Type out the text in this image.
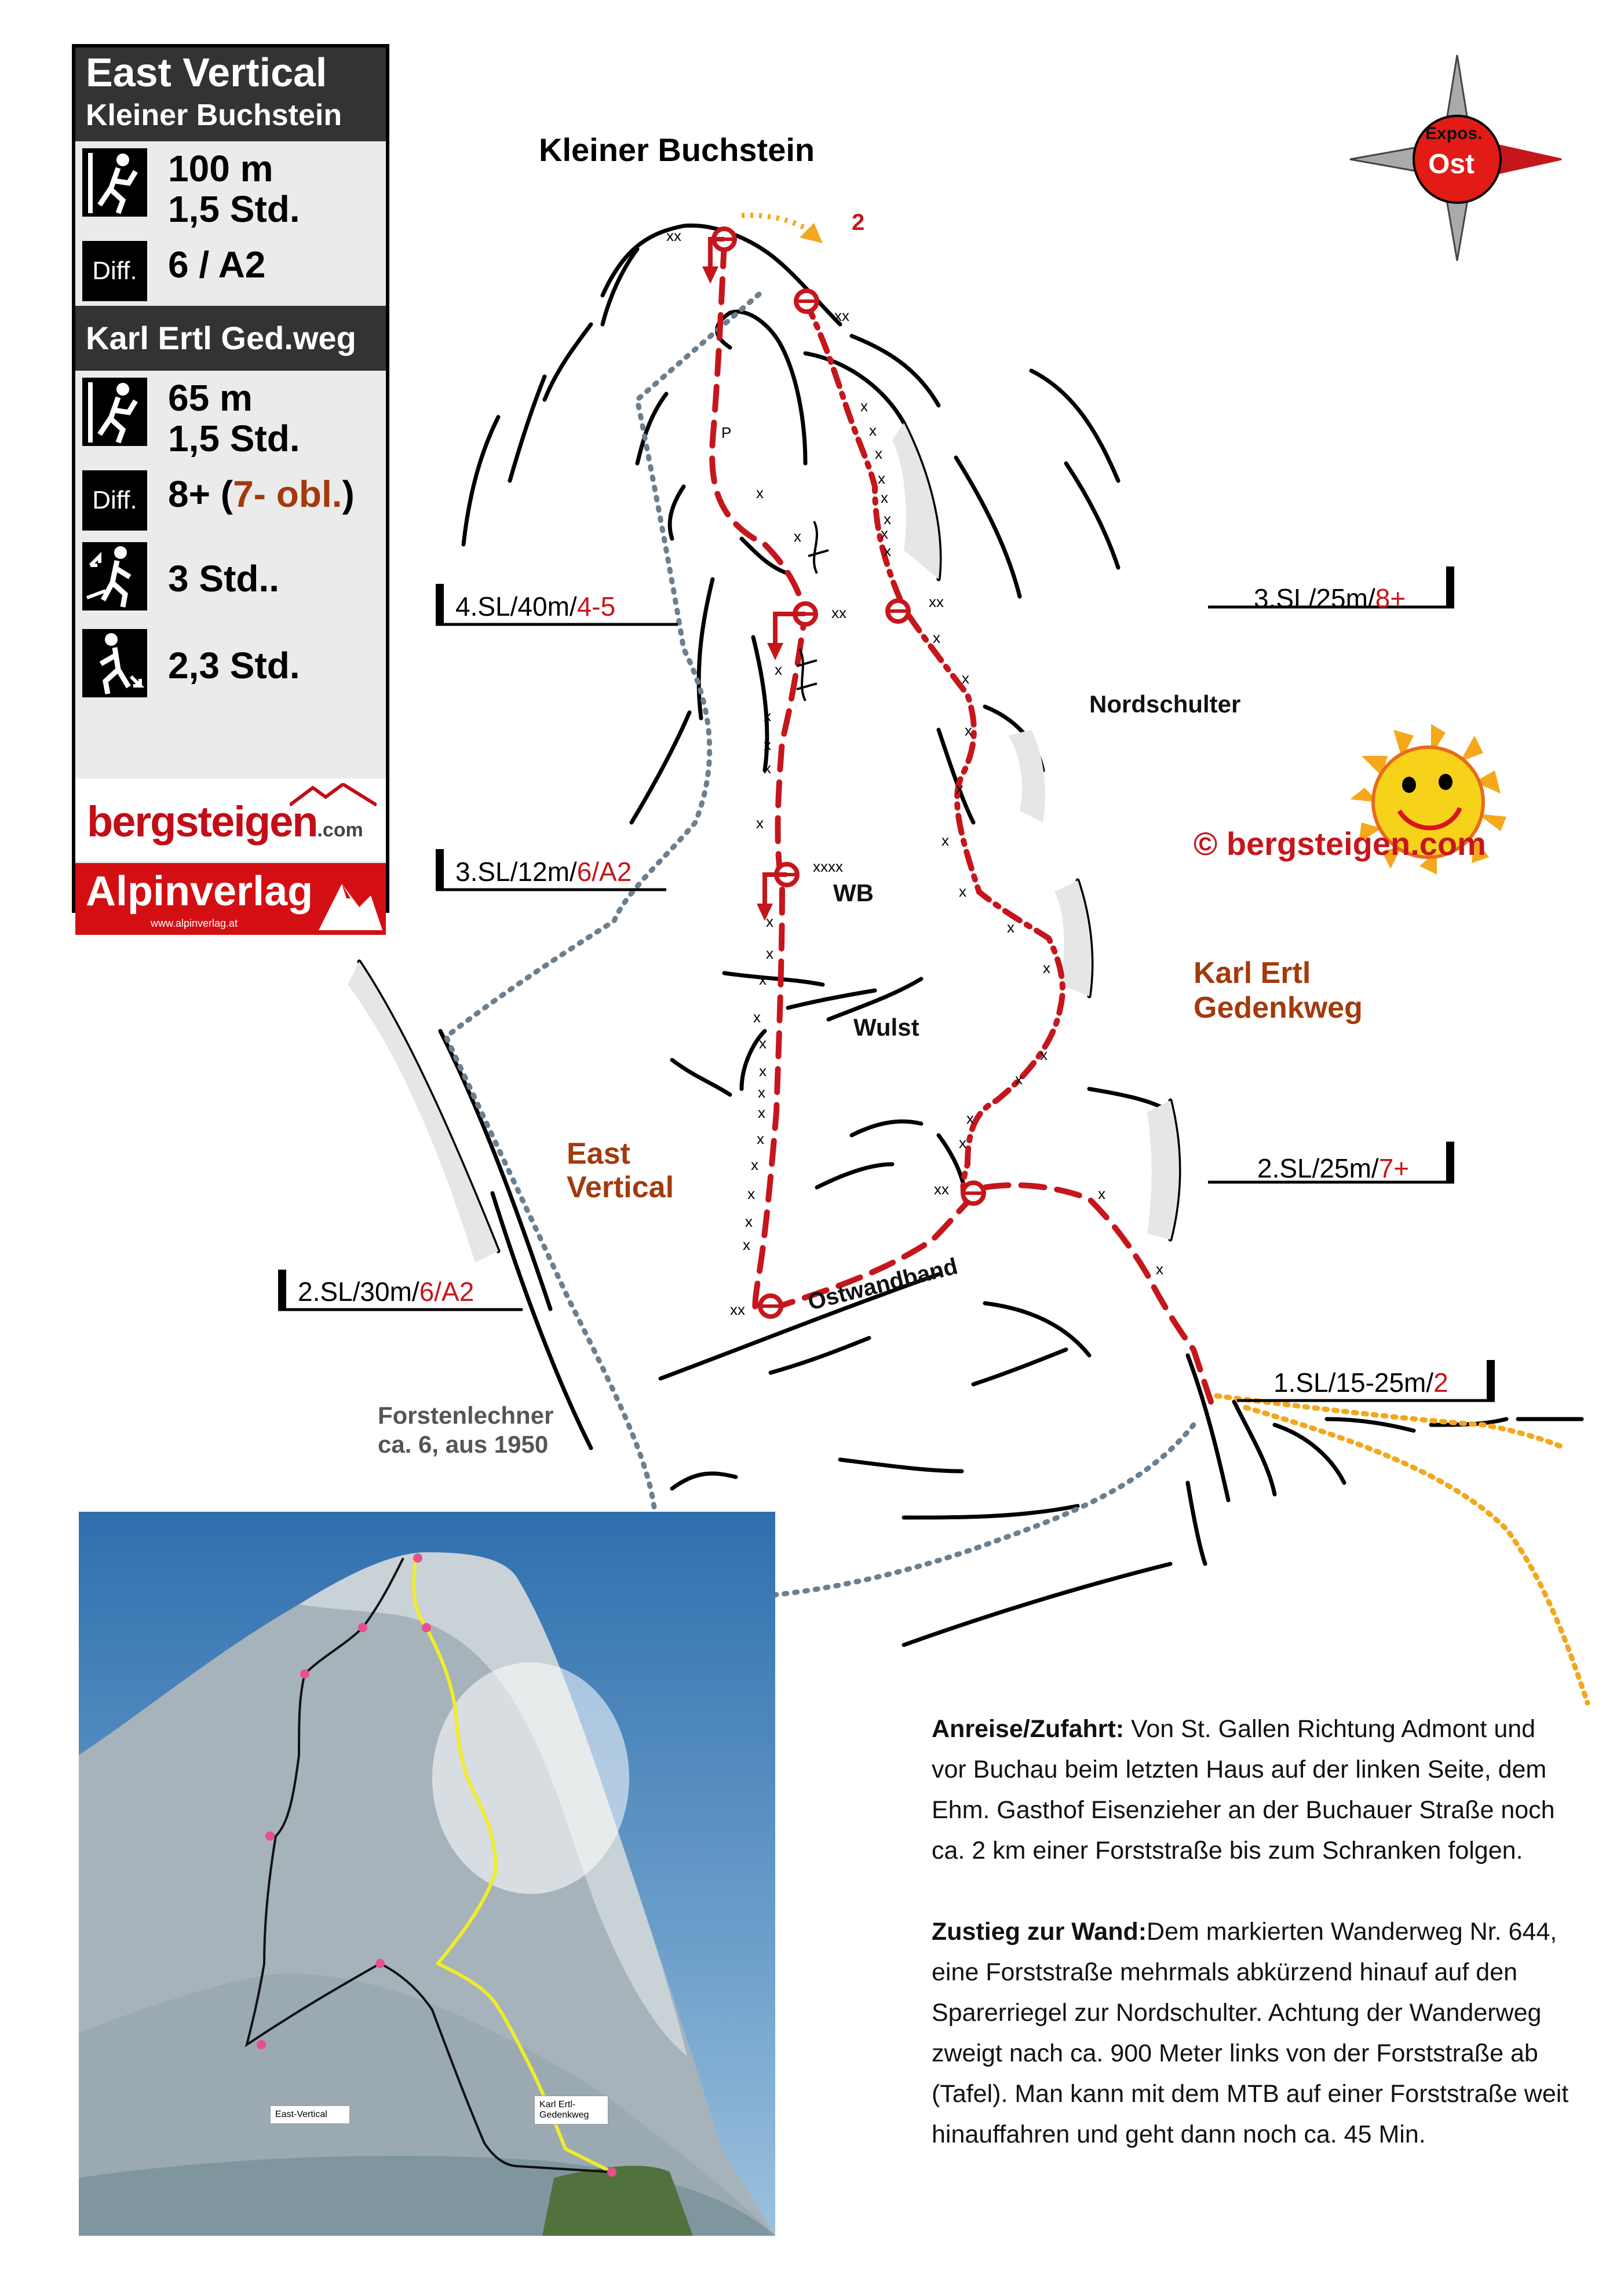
xx
xx
x
x
x
x
x
x
x
x
x
x
xx
xx
x
x
x
x
x
x
x
x
x
x
x
x
xx
x
x
x
x
x
xxxx
x
x
x
x
x
x
x
x
x
x
x
x
x
xx
x
x
P
Kleiner Buchstein
2
Expos.
Ost
Nordschulter
© bergsteigen.com
WB
Wulst
Ostwandband
Karl Ertl
Gedenkweg
East
Vertical
Forstenlechner
ca. 6, aus 1950
4.SL/40m/4-5
3.SL/12m/6/A2
2.SL/30m/6/A2
3.SL/25m/8+
2.SL/25m/7+
1.SL/15-25m/2
East Vertical
Kleiner Buchstein
100 m
1,5 Std.
Diff. 6 / A2
Karl Ertl Ged.weg
65 m
1,5 Std.
Diff. 8+ (7- obl.)
3 Std..
2,3 Std.
bergsteigen.com
Alpinverlag
www.alpinverlag.at
East-Vertical
Karl Ertl-
Gedenkweg

Anreise/Zufahrt: Von St. Gallen Richtung Admont und vor Buchau beim letzten Haus auf der linken Seite, dem Ehm. Gasthof Eisenzieher an der Buchauer Straße noch ca. 2 km einer Forststraße bis zum Schranken folgen.

Zustieg zur Wand:Dem markierten Wanderweg Nr. 644, eine Forststraße mehrmals abkürzend hinauf auf den Sparerriegel zur Nordschulter. Achtung der Wanderweg zweigt nach ca. 900 Meter links von der Forststraße ab (Tafel). Man kann mit dem MTB auf einer Forststraße weit hinauffahren und geht dann noch ca. 45 Min.
